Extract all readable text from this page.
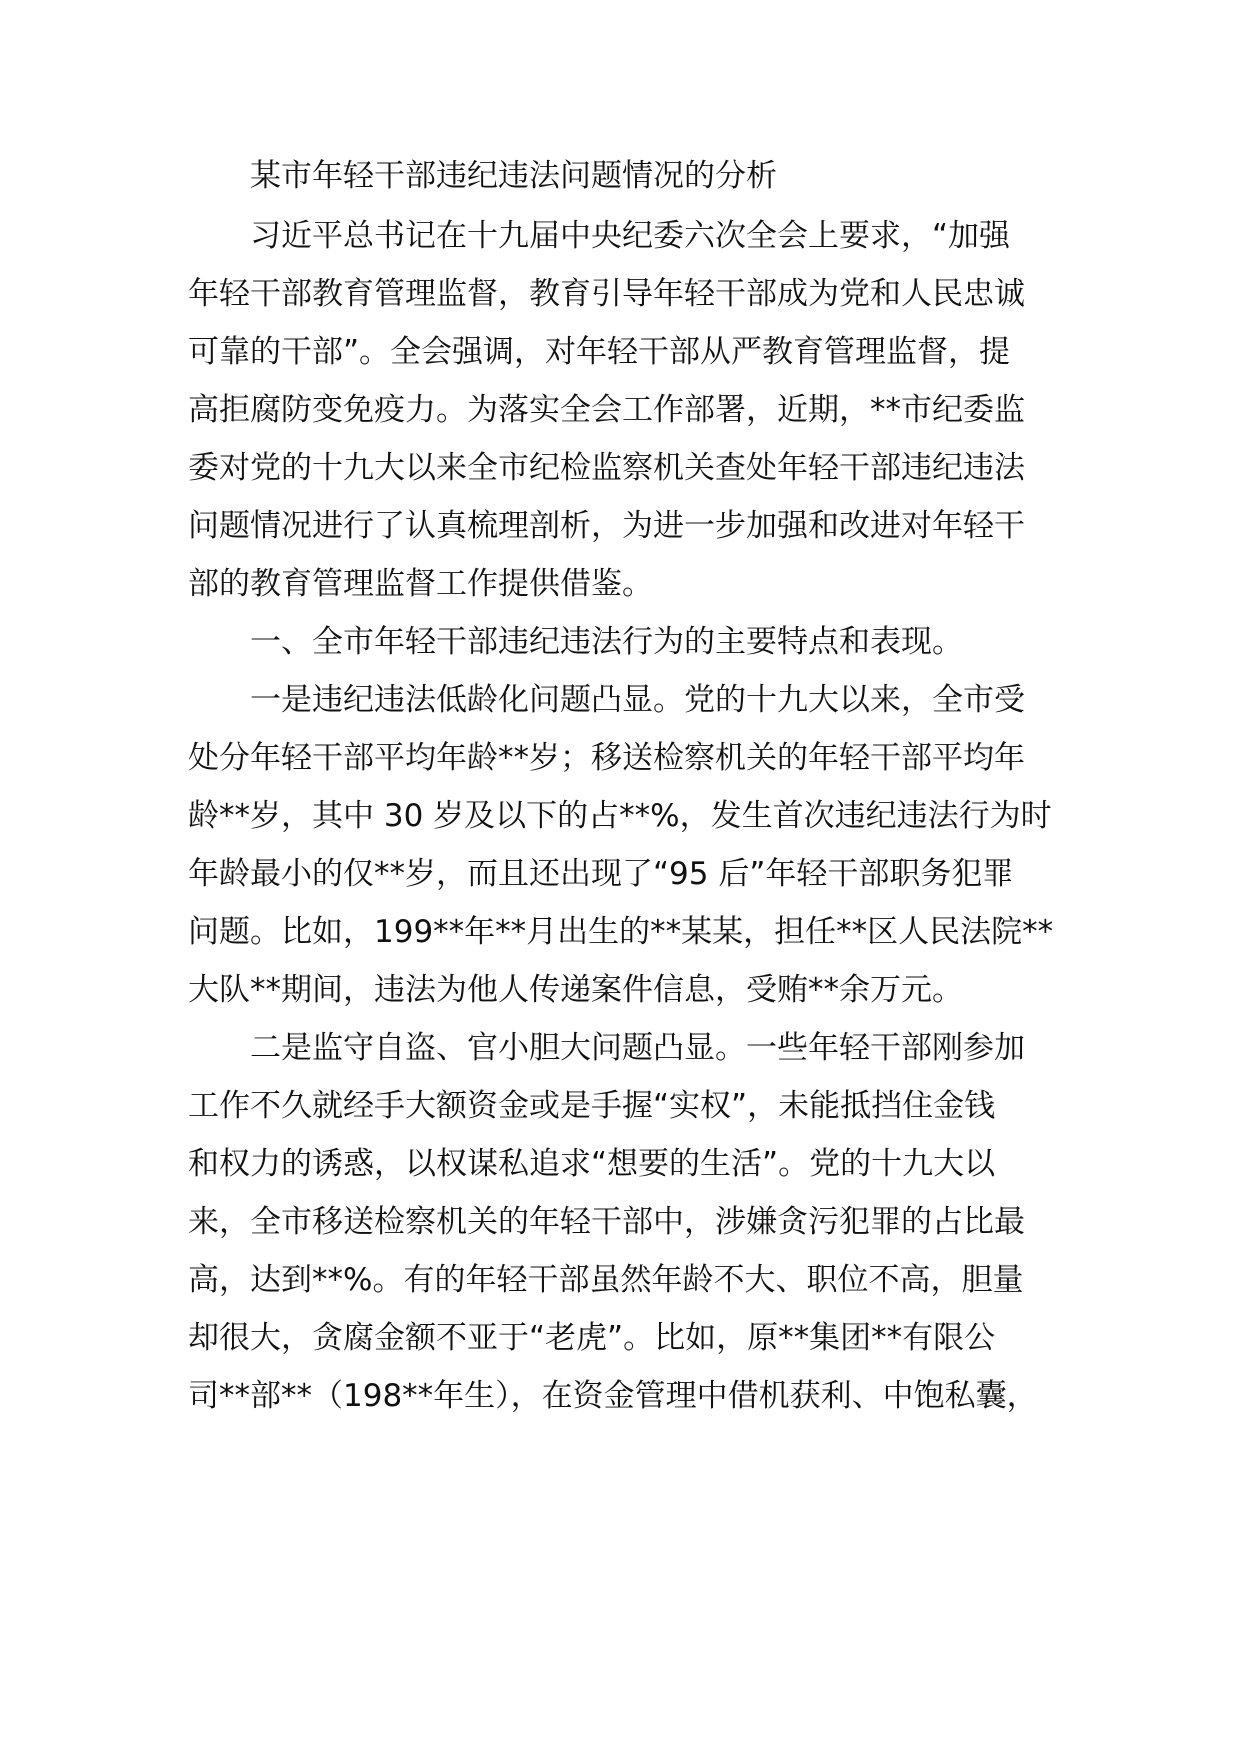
某市年轻干部违纪违法问题情况的分析

习近平总书记在十九届中央纪委六次全会上要求，“加强

年轻干部教育管理监督，教育引导年轻干部成为党和人民忠诚

可靠的干部”。全会强调，对年轻干部从严教育管理监督，提

高拒腐防变免疫力。为落实全会工作部署，近期，**市纪委监

委对党的十九大以来全市纪检监察机关查处年轻干部违纪违法

问题情况进行了认真梳理剖析，为进一步加强和改进对年轻干

部的教育管理监督工作提供借鉴。

一、全市年轻干部违纪违法行为的主要特点和表现。

一是违纪违法低龄化问题凸显。党的十九大以来，全市受

处分年轻干部平均年龄**岁；移送检察机关的年轻干部平均年

龄**岁，其中 30 岁及以下的占**%，发生首次违纪违法行为时

年龄最小的仅**岁，而且还出现了“95 后”年轻干部职务犯罪

问题。比如，199**年**月出生的**某某，担任**区人民法院**

大队**期间，违法为他人传递案件信息，受贿**余万元。

二是监守自盗、官小胆大问题凸显。一些年轻干部刚参加

工作不久就经手大额资金或是手握“实权”，未能抵挡住金钱

和权力的诱惑，以权谋私追求“想要的生活”。党的十九大以

来，全市移送检察机关的年轻干部中，涉嫌贪污犯罪的占比最

高，达到**%。有的年轻干部虽然年龄不大、职位不高，胆量

却很大，贪腐金额不亚于“老虎”。比如，原**集团**有限公

司**部**（198**年生），在资金管理中借机获利、中饱私囊，
